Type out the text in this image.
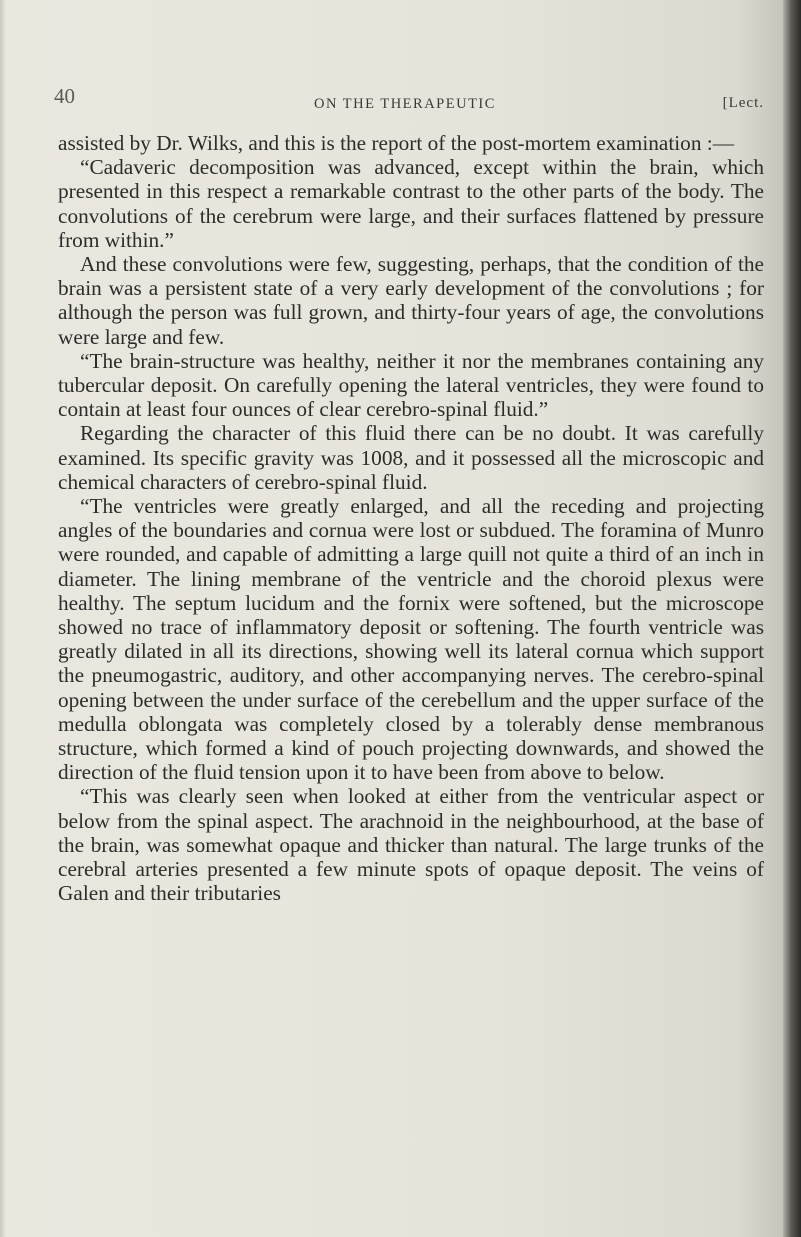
40	ON THE THERAPEUTIC	[Lect.

assisted by Dr. Wilks, and this is the report of the post-mortem examination :—

“Cadaveric decomposition was advanced, except within the brain, which presented in this respect a remarkable contrast to the other parts of the body. The convolutions of the cerebrum were large, and their surfaces flattened by pressure from within.”

And these convolutions were few, suggesting, perhaps, that the condition of the brain was a persistent state of a very early development of the convolutions ; for although the person was full grown, and thirty-four years of age, the convolutions were large and few.

“The brain-structure was healthy, neither it nor the membranes containing any tubercular deposit. On carefully opening the lateral ventricles, they were found to contain at least four ounces of clear cerebro-spinal fluid.”

Regarding the character of this fluid there can be no doubt. It was carefully examined. Its specific gravity was 1008, and it possessed all the microscopic and chemical characters of cerebro-spinal fluid.

“The ventricles were greatly enlarged, and all the receding and projecting angles of the boundaries and cornua were lost or subdued. The foramina of Munro were rounded, and capable of admitting a large quill not quite a third of an inch in diameter. The lining membrane of the ventricle and the choroid plexus were healthy. The septum lucidum and the fornix were softened, but the microscope showed no trace of inflammatory deposit or softening. The fourth ventricle was greatly dilated in all its directions, showing well its lateral cornua which support the pneumogastric, auditory, and other accompanying nerves. The cerebro-spinal opening between the under surface of the cerebellum and the upper surface of the medulla oblongata was completely closed by a tolerably dense membranous structure, which formed a kind of pouch projecting downwards, and showed the direction of the fluid tension upon it to have been from above to below.

“This was clearly seen when looked at either from the ventricular aspect or below from the spinal aspect. The arachnoid in the neighbourhood, at the base of the brain, was somewhat opaque and thicker than natural. The large trunks of the cerebral arteries presented a few minute spots of opaque deposit. The veins of Galen and their tributaries
